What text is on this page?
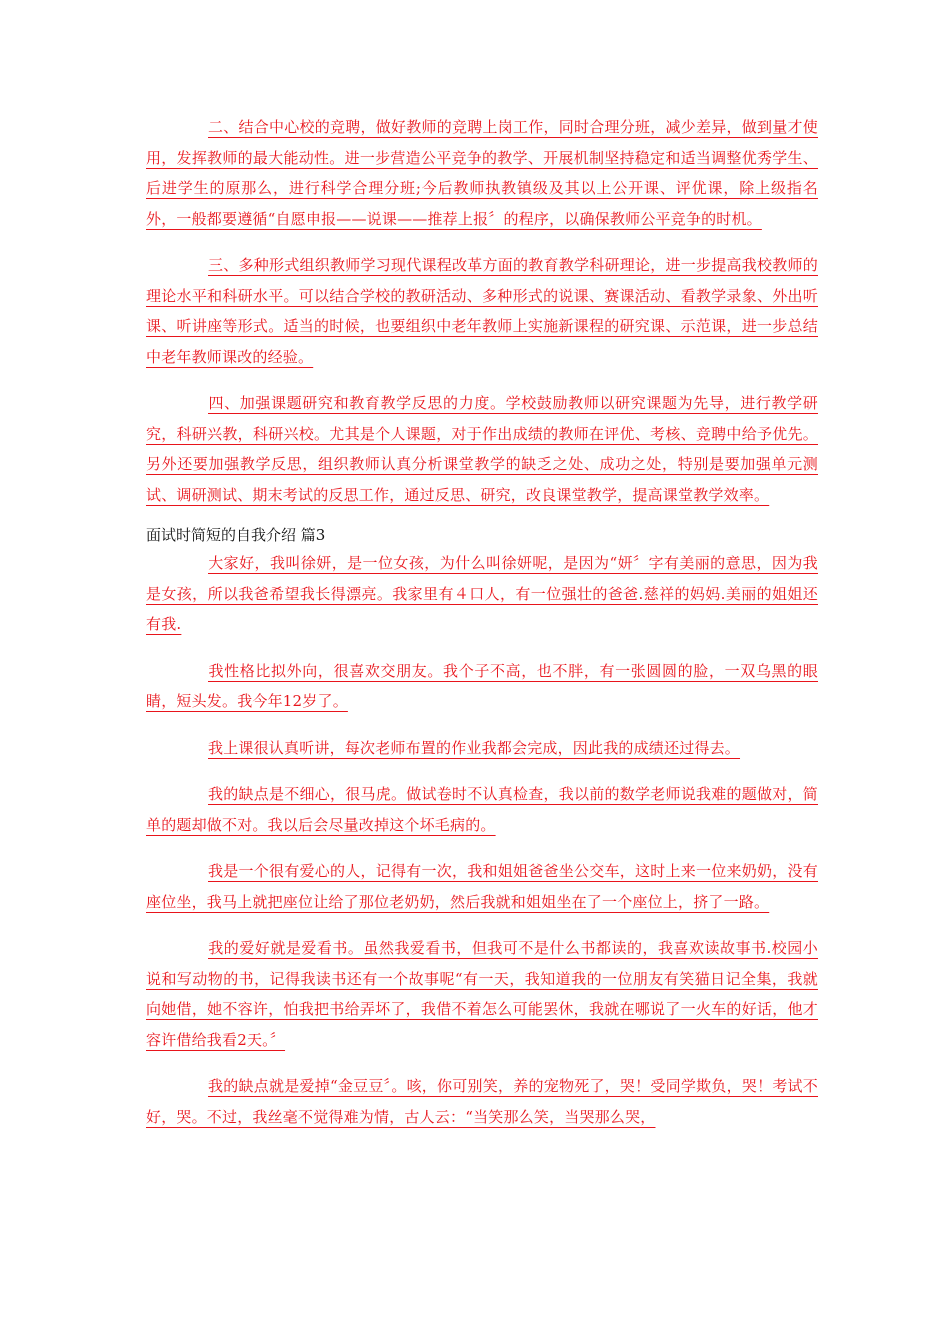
二、结合中心校的竞聘，做好教师的竞聘上岗工作，同时合理分班，减少差异，做到量才使用，发挥教师的最大能动性。进一步营造公平竞争的教学、开展机制坚持稳定和适当调整优秀学生、后进学生的原那么，进行科学合理分班;今后教师执教镇级及其以上公开课、评优课，除上级指名外，一般都要遵循“自愿申报——说课——推荐上报〞的程序，以确保教师公平竞争的时机。

三、多种形式组织教师学习现代课程改革方面的教育教学科研理论，进一步提高我校教师的理论水平和科研水平。可以结合学校的教研活动、多种形式的说课、赛课活动、看教学录象、外出听课、听讲座等形式。适当的时候，也要组织中老年教师上实施新课程的研究课、示范课，进一步总结中老年教师课改的经验。

四、加强课题研究和教育教学反思的力度。学校鼓励教师以研究课题为先导，进行教学研究，科研兴教，科研兴校。尤其是个人课题，对于作出成绩的教师在评优、考核、竞聘中给予优先。另外还要加强教学反思，组织教师认真分析课堂教学的缺乏之处、成功之处，特别是要加强单元测试、调研测试、期末考试的反思工作，通过反思、研究，改良课堂教学，提高课堂教学效率。

面试时简短的自我介绍 篇3

大家好，我叫徐妍，是一位女孩，为什么叫徐妍呢，是因为“妍〞字有美丽的意思，因为我是女孩，所以我爸希望我长得漂亮。我家里有４口人，有一位强壮的爸爸.慈祥的妈妈.美丽的姐姐还有我.

我性格比拟外向，很喜欢交朋友。我个子不高，也不胖，有一张圆圆的脸，一双乌黑的眼睛，短头发。我今年12岁了。

我上课很认真听讲，每次老师布置的作业我都会完成，因此我的成绩还过得去。

我的缺点是不细心，很马虎。做试卷时不认真检查，我以前的数学老师说我难的题做对，简单的题却做不对。我以后会尽量改掉这个坏毛病的。

我是一个很有爱心的人，记得有一次，我和姐姐爸爸坐公交车，这时上来一位来奶奶，没有座位坐，我马上就把座位让给了那位老奶奶，然后我就和姐姐坐在了一个座位上，挤了一路。

我的爱好就是爱看书。虽然我爱看书，但我可不是什么书都读的，我喜欢读故事书.校园小说和写动物的书，记得我读书还有一个故事呢“有一天，我知道我的一位朋友有笑猫日记全集，我就向她借，她不容许，怕我把书给弄坏了，我借不着怎么可能罢休，我就在哪说了一火车的好话，他才容许借给我看2天。〞

我的缺点就是爱掉“金豆豆〞。咳，你可别笑，养的宠物死了，哭！受同学欺负，哭！考试不好，哭。不过，我丝毫不觉得难为情，古人云：“当笑那么笑，当哭那么哭，
